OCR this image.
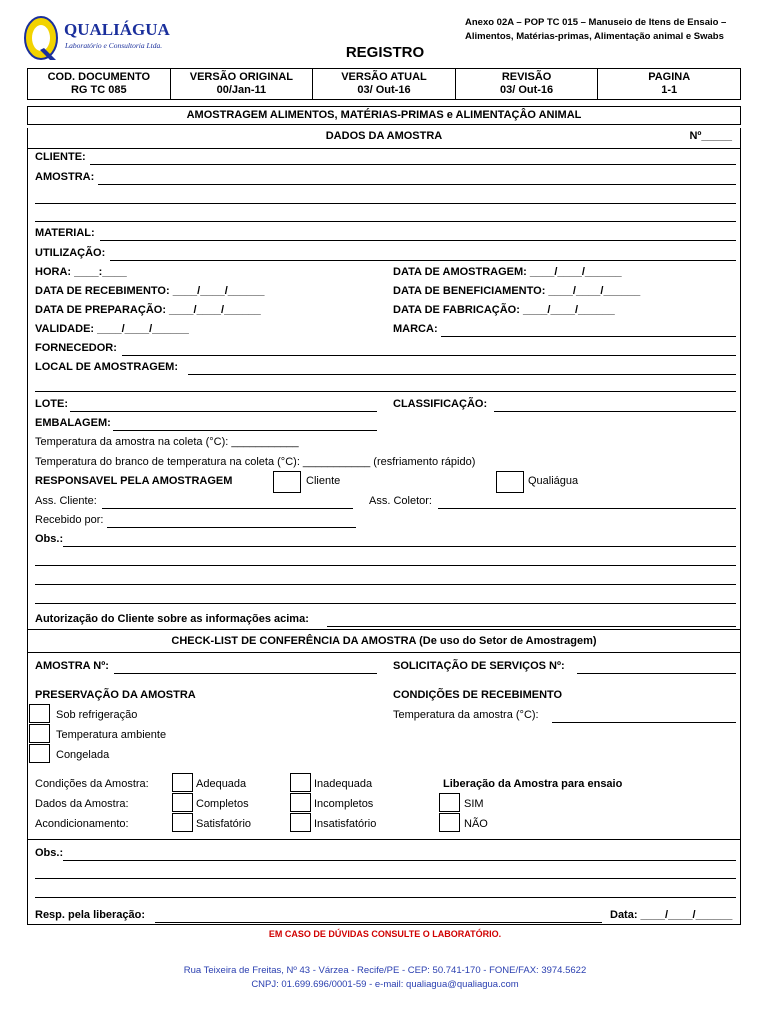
QUALIÁGUA
Laboratório e Consultoria Ltda.
Anexo 02A – POP TC 015 – Manuseio de Itens de Ensaio –
Alimentos, Matérias-primas, Alimentação animal e Swabs
REGISTRO
COD. DOCUMENTO
RG TC 085

VERSÃO ORIGINAL
00/Jan-11

VERSÃO ATUAL
03/ Out-16

REVISÃO
03/ Out-16

PAGINA
1-1
AMOSTRAGEM ALIMENTOS, MATÉRIAS-PRIMAS e ALIMENTAÇÂO ANIMAL
DADOS DA AMOSTRA	Nº_____
CLIENTE:
AMOSTRA:
MATERIAL:
UTILIZAÇÃO:
HORA: ____:____	DATA DE AMOSTRAGEM: ____/____/______
DATA DE RECEBIMENTO: ____/____/______	DATA DE BENEFICIAMENTO: ____/____/______
DATA DE PREPARAÇÃO: ____/____/______	DATA DE FABRICAÇÃO: ____/____/______
VALIDADE: ____/____/______	MARCA:
FORNECEDOR:
LOCAL DE AMOSTRAGEM:
LOTE:	CLASSIFICAÇÃO:
EMBALAGEM:
Temperatura da amostra na coleta (°C): ___________
Temperatura do branco de temperatura na coleta (°C): ___________ (resfriamento rápido)
RESPONSAVEL PELA AMOSTRAGEM	Cliente	Qualiágua
Ass. Cliente:	Ass. Coletor:
Recebido por:
Obs.:
Autorização do Cliente sobre as informações acima:
CHECK-LIST DE CONFERÊNCIA DA AMOSTRA (De uso do Setor de Amostragem)
AMOSTRA Nº:	SOLICITAÇÃO DE SERVIÇOS Nº:
PRESERVAÇÃO DA AMOSTRA
Sob refrigeração
Temperatura ambiente
Congelada
CONDIÇÕES DE RECEBIMENTO
Temperatura da amostra (°C):
Condições da Amostra:	Adequada	Inadequada
Dados da Amostra:	Completos	Incompletos
Acondicionamento:	Satisfatório	Insatisfatório
Liberação da Amostra para ensaio
SIM
NÃO
Obs.:
Resp. pela liberação:	Data: ____/____/______
EM CASO DE DÚVIDAS CONSULTE O LABORATÓRIO.
Rua Teixeira de Freitas, Nº 43 - Várzea - Recife/PE - CEP: 50.741-170 - FONE/FAX: 3974.5622
CNPJ: 01.699.696/0001-59 - e-mail: qualiagua@qualiagua.com
